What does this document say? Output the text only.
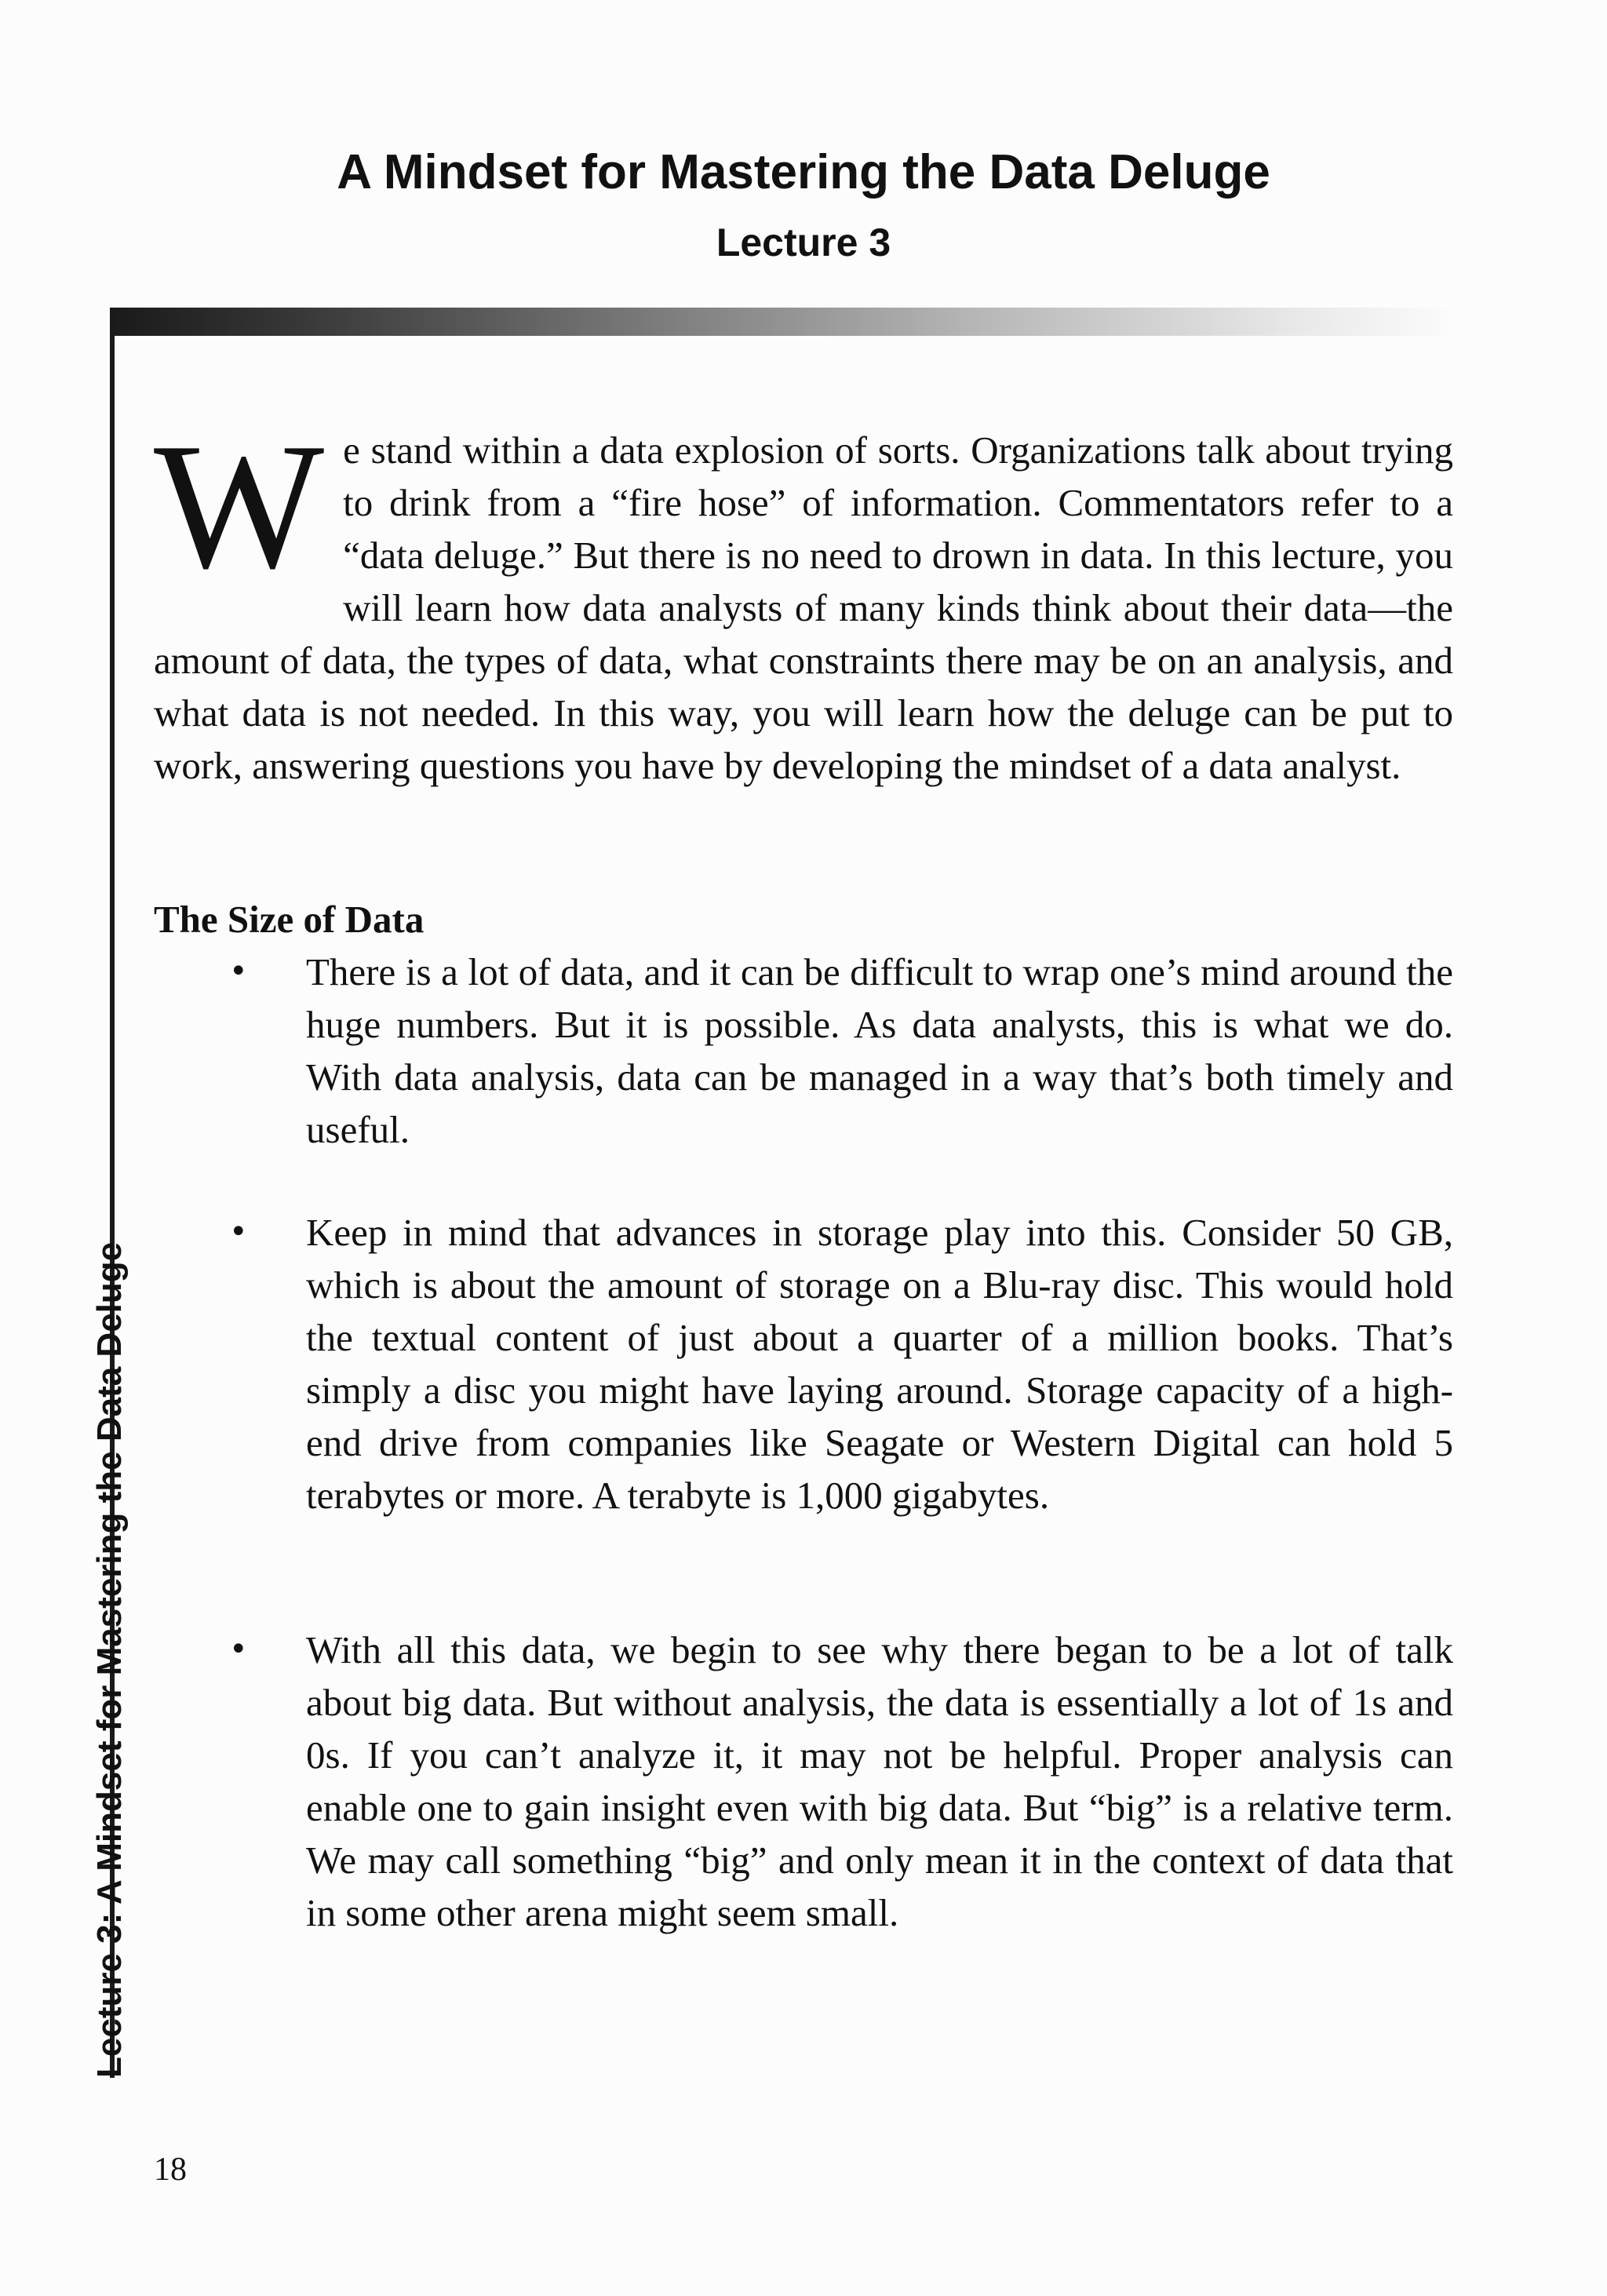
A Mindset for Mastering the Data Deluge
Lecture 3
Lecture 3: A Mindset for Mastering the Data Deluge
W e stand within a data explosion of sorts. Organizations talk about trying to drink from a “fire hose” of information. Commentators refer to a “data deluge.” But there is no need to drown in data. In this lecture, you will learn how data analysts of many kinds think about their data—the amount of data, the types of data, what constraints there may be on an analysis, and what data is not needed. In this way, you will learn how the deluge can be put to work, answering questions you have by developing the mindset of a data analyst.
The Size of Data
• There is a lot of data, and it can be difficult to wrap one’s mind around the huge numbers. But it is possible. As data analysts, this is what we do. With data analysis, data can be managed in a way that’s both timely and useful.
• Keep in mind that advances in storage play into this. Consider 50 GB, which is about the amount of storage on a Blu-ray disc. This would hold the textual content of just about a quarter of a million books. That’s simply a disc you might have laying around. Storage capacity of a high-end drive from companies like Seagate or Western Digital can hold 5 terabytes or more. A terabyte is 1,000 gigabytes.
• With all this data, we begin to see why there began to be a lot of talk about big data. But without analysis, the data is essentially a lot of 1s and 0s. If you can’t analyze it, it may not be helpful. Proper analysis can enable one to gain insight even with big data. But “big” is a relative term. We may call something “big” and only mean it in the context of data that in some other arena might seem small.
18
